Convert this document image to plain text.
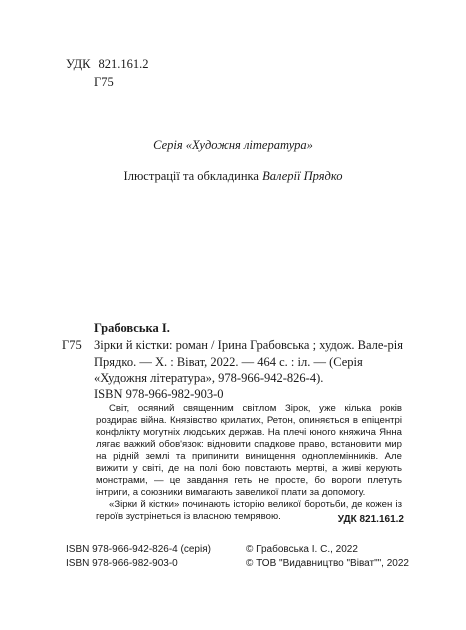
УДК 821.161.2
Г75
Серія «Художня література»
Ілюстрації та обкладинка Валерії Прядко
Грабовська І.
Г75 Зірки й кістки: роман / Ірина Грабовська ; худож. Вале-рія Прядко. — Х. : Віват, 2022. — 464 с. : іл. — (Серія «Художня література», 978-966-942-826-4).
ISBN 978-966-982-903-0

Світ, осяяний священним світлом Зірок, уже кілька років роздирає війна. Князівство крилатих, Ретон, опиняється в епіцентрі конфлікту могутніх людських держав. На плечі юного княжича Янна лягає важкий обов'язок: відновити спадкове право, встановити мир на рідній землі та припинити винищення одноплемінників. Але вижити у світі, де на полі бою повстають мертві, а живі керують монстрами, — це завдання геть не просте, бо вороги плетуть інтриги, а союзники вимагають завеликої плати за допомогу.

«Зірки й кістки» починають історію великої боротьби, де кожен із героїв зустрінеться із власною темрявою.	УДК 821.161.2
ISBN 978-966-942-826-4 (серія)
ISBN 978-966-982-903-0
© Грабовська І. С., 2022
© ТОВ "Видавництво "Віват"", 2022
